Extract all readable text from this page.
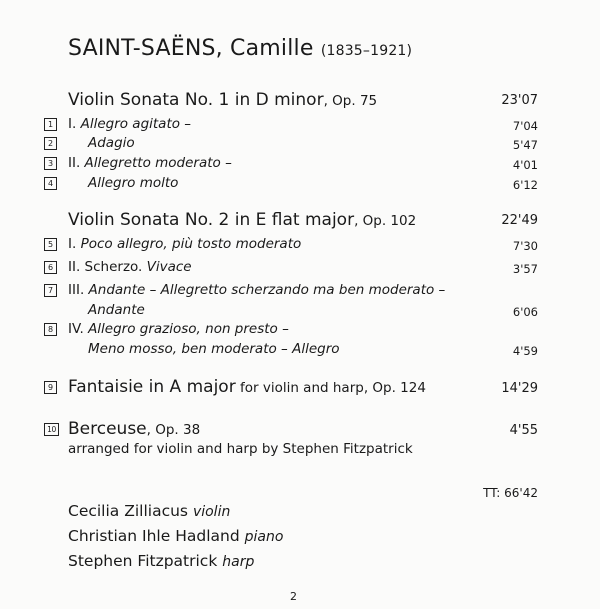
SAINT-SAËNS, Camille (1835–1921)
Violin Sonata No. 1 in D minor, Op. 75	23'07
1 I. Allegro agitato –	7'04
2	Adagio	5'47
3 II. Allegretto moderato –	4'01
4	Allegro molto	6'12
Violin Sonata No. 2 in E flat major, Op. 102	22'49
5 I. Poco allegro, più tosto moderato	7'30
6 II. Scherzo. Vivace	3'57
7 III. Andante – Allegretto scherzando ma ben moderato –
Andante	6'06
8 IV. Allegro grazioso, non presto –
Meno mosso, ben moderato – Allegro	4'59
9 Fantaisie in A major for violin and harp, Op. 124	14'29
10 Berceuse, Op. 38	4'55
arranged for violin and harp by Stephen Fitzpatrick
TT: 66'42
Cecilia Zilliacus violin
Christian Ihle Hadland piano
Stephen Fitzpatrick harp
2
